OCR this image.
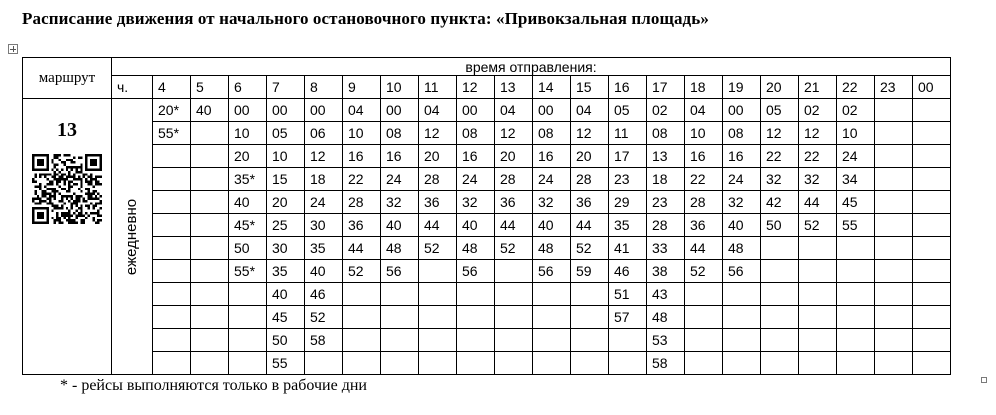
Расписание движения от начального остановочного пункта: «Привокзальная площадь»
маршрут	время отправления:																					
	ч.	4	5	6	7	8	9	10	11	12	13	14	15	16	17	18	19	20	21	22	23	00

13	ежедневно	20*	40	00	00	00	04	00	04	00	04	00	04	05	02	04	00	05	02	02		
		55*		10	05	06	10	08	12	08	12	08	12	11	08	10	08	12	12	10		
				20	10	12	16	16	20	16	20	16	20	17	13	16	16	22	22	24		
				35*	15	18	22	24	28	24	28	24	28	23	18	22	24	32	32	34		
				40	20	24	28	32	36	32	36	32	36	29	23	28	32	42	44	45		
				45*	25	30	36	40	44	40	44	40	44	35	28	36	40	50	52	55		
				50	30	35	44	48	52	48	52	48	52	41	33	44	48					
				55*	35	40	52	56		56		56	59	46	38	52	56					
					40	46								51	43							
					45	52								57	48							
					50	58									53							
					55										58							
* - рейсы выполняются только в рабочие дни
